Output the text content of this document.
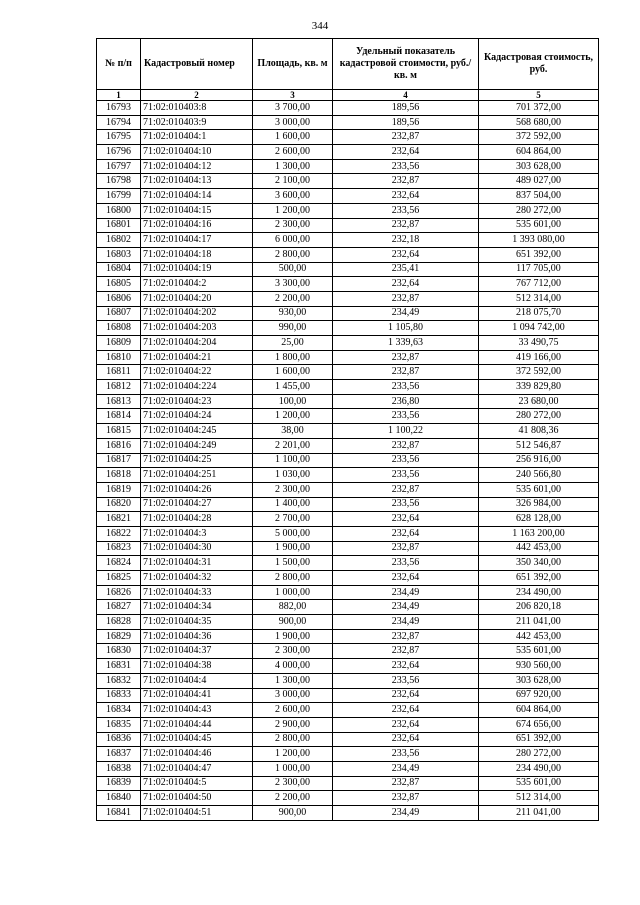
344
№ п/п	Кадастровый номер	Площадь, кв. м	Удельный показатель кадастровой стоимости, руб./кв. м	Кадастровая стоимость, руб.
1	2	3	4	5
16793	71:02:010403:8	3 700,00	189,56	701 372,00
16794	71:02:010403:9	3 000,00	189,56	568 680,00
16795	71:02:010404:1	1 600,00	232,87	372 592,00
16796	71:02:010404:10	2 600,00	232,64	604 864,00
16797	71:02:010404:12	1 300,00	233,56	303 628,00
16798	71:02:010404:13	2 100,00	232,87	489 027,00
16799	71:02:010404:14	3 600,00	232,64	837 504,00
16800	71:02:010404:15	1 200,00	233,56	280 272,00
16801	71:02:010404:16	2 300,00	232,87	535 601,00
16802	71:02:010404:17	6 000,00	232,18	1 393 080,00
16803	71:02:010404:18	2 800,00	232,64	651 392,00
16804	71:02:010404:19	500,00	235,41	117 705,00
16805	71:02:010404:2	3 300,00	232,64	767 712,00
16806	71:02:010404:20	2 200,00	232,87	512 314,00
16807	71:02:010404:202	930,00	234,49	218 075,70
16808	71:02:010404:203	990,00	1 105,80	1 094 742,00
16809	71:02:010404:204	25,00	1 339,63	33 490,75
16810	71:02:010404:21	1 800,00	232,87	419 166,00
16811	71:02:010404:22	1 600,00	232,87	372 592,00
16812	71:02:010404:224	1 455,00	233,56	339 829,80
16813	71:02:010404:23	100,00	236,80	23 680,00
16814	71:02:010404:24	1 200,00	233,56	280 272,00
16815	71:02:010404:245	38,00	1 100,22	41 808,36
16816	71:02:010404:249	2 201,00	232,87	512 546,87
16817	71:02:010404:25	1 100,00	233,56	256 916,00
16818	71:02:010404:251	1 030,00	233,56	240 566,80
16819	71:02:010404:26	2 300,00	232,87	535 601,00
16820	71:02:010404:27	1 400,00	233,56	326 984,00
16821	71:02:010404:28	2 700,00	232,64	628 128,00
16822	71:02:010404:3	5 000,00	232,64	1 163 200,00
16823	71:02:010404:30	1 900,00	232,87	442 453,00
16824	71:02:010404:31	1 500,00	233,56	350 340,00
16825	71:02:010404:32	2 800,00	232,64	651 392,00
16826	71:02:010404:33	1 000,00	234,49	234 490,00
16827	71:02:010404:34	882,00	234,49	206 820,18
16828	71:02:010404:35	900,00	234,49	211 041,00
16829	71:02:010404:36	1 900,00	232,87	442 453,00
16830	71:02:010404:37	2 300,00	232,87	535 601,00
16831	71:02:010404:38	4 000,00	232,64	930 560,00
16832	71:02:010404:4	1 300,00	233,56	303 628,00
16833	71:02:010404:41	3 000,00	232,64	697 920,00
16834	71:02:010404:43	2 600,00	232,64	604 864,00
16835	71:02:010404:44	2 900,00	232,64	674 656,00
16836	71:02:010404:45	2 800,00	232,64	651 392,00
16837	71:02:010404:46	1 200,00	233,56	280 272,00
16838	71:02:010404:47	1 000,00	234,49	234 490,00
16839	71:02:010404:5	2 300,00	232,87	535 601,00
16840	71:02:010404:50	2 200,00	232,87	512 314,00
16841	71:02:010404:51	900,00	234,49	211 041,00
